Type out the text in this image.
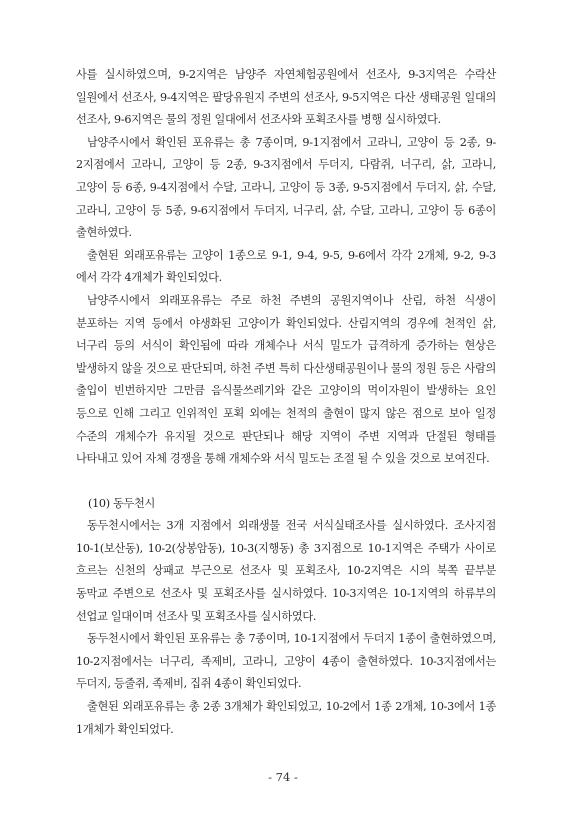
사를 실시하였으며, 9-2지역은 남양주 자연체험공원에서 선조사, 9-3지역은 수락산 일원에서 선조사, 9-4지역은 팔당유원지 주변의 선조사, 9-5지역은 다산 생태공원 일대의 선조사, 9-6지역은 물의 정원 일대에서 선조사와 포획조사를 병행 실시하였다.

남양주시에서 확인된 포유류는 총 7종이며, 9-1지점에서 고라니, 고양이 등 2종, 9-2지점에서 고라니, 고양이 등 2종, 9-3지점에서 두더지, 다람쥐, 너구리, 삵, 고라니, 고양이 등 6종, 9-4지점에서 수달, 고라니, 고양이 등 3종, 9-5지점에서 두더지, 삵, 수달, 고라니, 고양이 등 5종, 9-6지점에서 두더지, 너구리, 삵, 수달, 고라니, 고양이 등 6종이 출현하였다.

출현된 외래포유류는 고양이 1종으로 9-1, 9-4, 9-5, 9-6에서 각각 2개체, 9-2, 9-3 에서 각각 4개체가 확인되었다.

남양주시에서 외래포유류는 주로 하천 주변의 공원지역이나 산림, 하천 식생이 분포하는 지역 등에서 야생화된 고양이가 확인되었다. 산림지역의 경우에 천적인 삵, 너구리 등의 서식이 확인됨에 따라 개체수나 서식 밀도가 급격하게 증가하는 현상은 발생하지 않을 것으로 판단되며, 하천 주변 특히 다산생태공원이나 물의 정원 등은 사람의 출입이 빈번하지만 그만큼 음식물쓰레기와 같은 고양이의 먹이자원이 발생하는 요인 등으로 인해 그리고 인위적인 포획 외에는 천적의 출현이 많지 않은 점으로 보아 일정 수준의 개체수가 유지될 것으로 판단되나 해당 지역이 주변 지역과 단절된 형태를 나타내고 있어 자체 경쟁을 통해 개체수와 서식 밀도는 조절 될 수 있을 것으로 보여진다.

(10) 동두천시

동두천시에서는 3개 지점에서 외래생물 전국 서식실태조사를 실시하였다. 조사지점 10-1(보산동), 10-2(상봉암동), 10-3(지행동) 총 3지점으로 10-1지역은 주택가 사이로 흐르는 신천의 상패교 부근으로 선조사 및 포획조사, 10-2지역은 시의 북쪽 끝부분 동막교 주변으로 선조사 및 포획조사를 실시하였다. 10-3지역은 10-1지역의 하류부의 선업교 일대이며 선조사 및 포획조사를 실시하였다.

동두천시에서 확인된 포유류는 총 7종이며, 10-1지점에서 두더지 1종이 출현하였으며, 10-2지점에서는 너구리, 족제비, 고라니, 고양이 4종이 출현하였다. 10-3지점에서는 두더지, 등줄쥐, 족제비, 집쥐 4종이 확인되었다.

출현된 외래포유류는 총 2종 3개체가 확인되었고, 10-2에서 1종 2개체, 10-3에서 1종 1개체가 확인되었다.

- 74 -
